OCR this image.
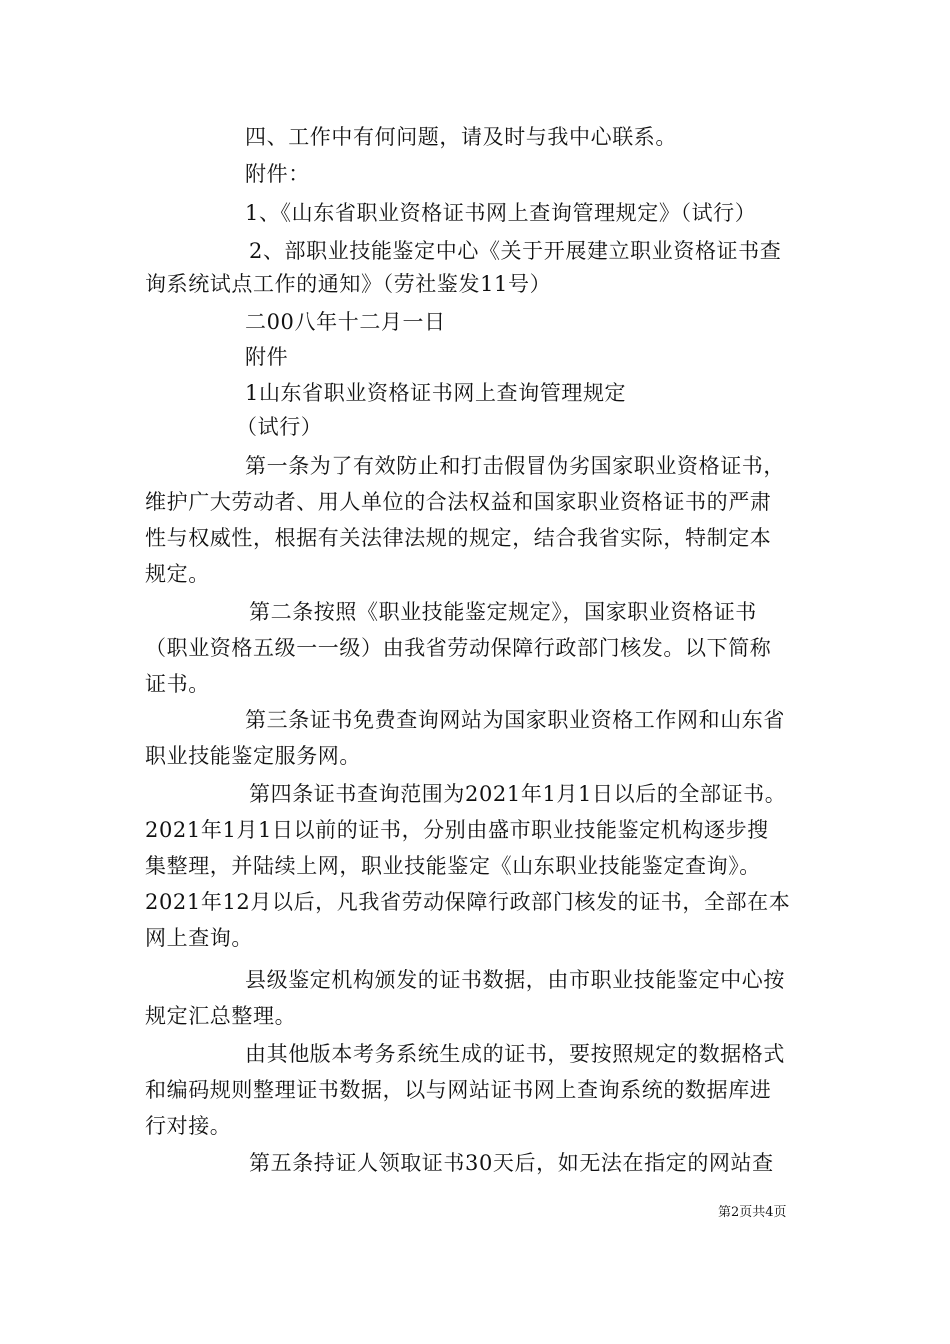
四、工作中有何问题，请及时与我中心联系。
附件：
1、《山东省职业资格证书网上查询管理规定》（试行）
2、部职业技能鉴定中心《关于开展建立职业资格证书查
询系统试点工作的通知》（劳社鉴发11号）
二00八年十二月一日
附件
1山东省职业资格证书网上查询管理规定
（试行）
第一条为了有效防止和打击假冒伪劣国家职业资格证书，
维护广大劳动者、用人单位的合法权益和国家职业资格证书的严肃
性与权威性，根据有关法律法规的规定，结合我省实际，特制定本
规定。
第二条按照《职业技能鉴定规定》，国家职业资格证书
（职业资格五级一一级）由我省劳动保障行政部门核发。以下简称
证书。
第三条证书免费查询网站为国家职业资格工作网和山东省
职业技能鉴定服务网。
第四条证书查询范围为2021年1月1日以后的全部证书。
2021年1月1日以前的证书，分别由盛市职业技能鉴定机构逐步搜
集整理，并陆续上网，职业技能鉴定《山东职业技能鉴定查询》。
2021年12月以后，凡我省劳动保障行政部门核发的证书，全部在本
网上查询。
县级鉴定机构颁发的证书数据，由市职业技能鉴定中心按
规定汇总整理。
由其他版本考务系统生成的证书，要按照规定的数据格式
和编码规则整理证书数据，以与网站证书网上查询系统的数据库进
行对接。
第五条持证人领取证书30天后，如无法在指定的网站查
第2页共4页
